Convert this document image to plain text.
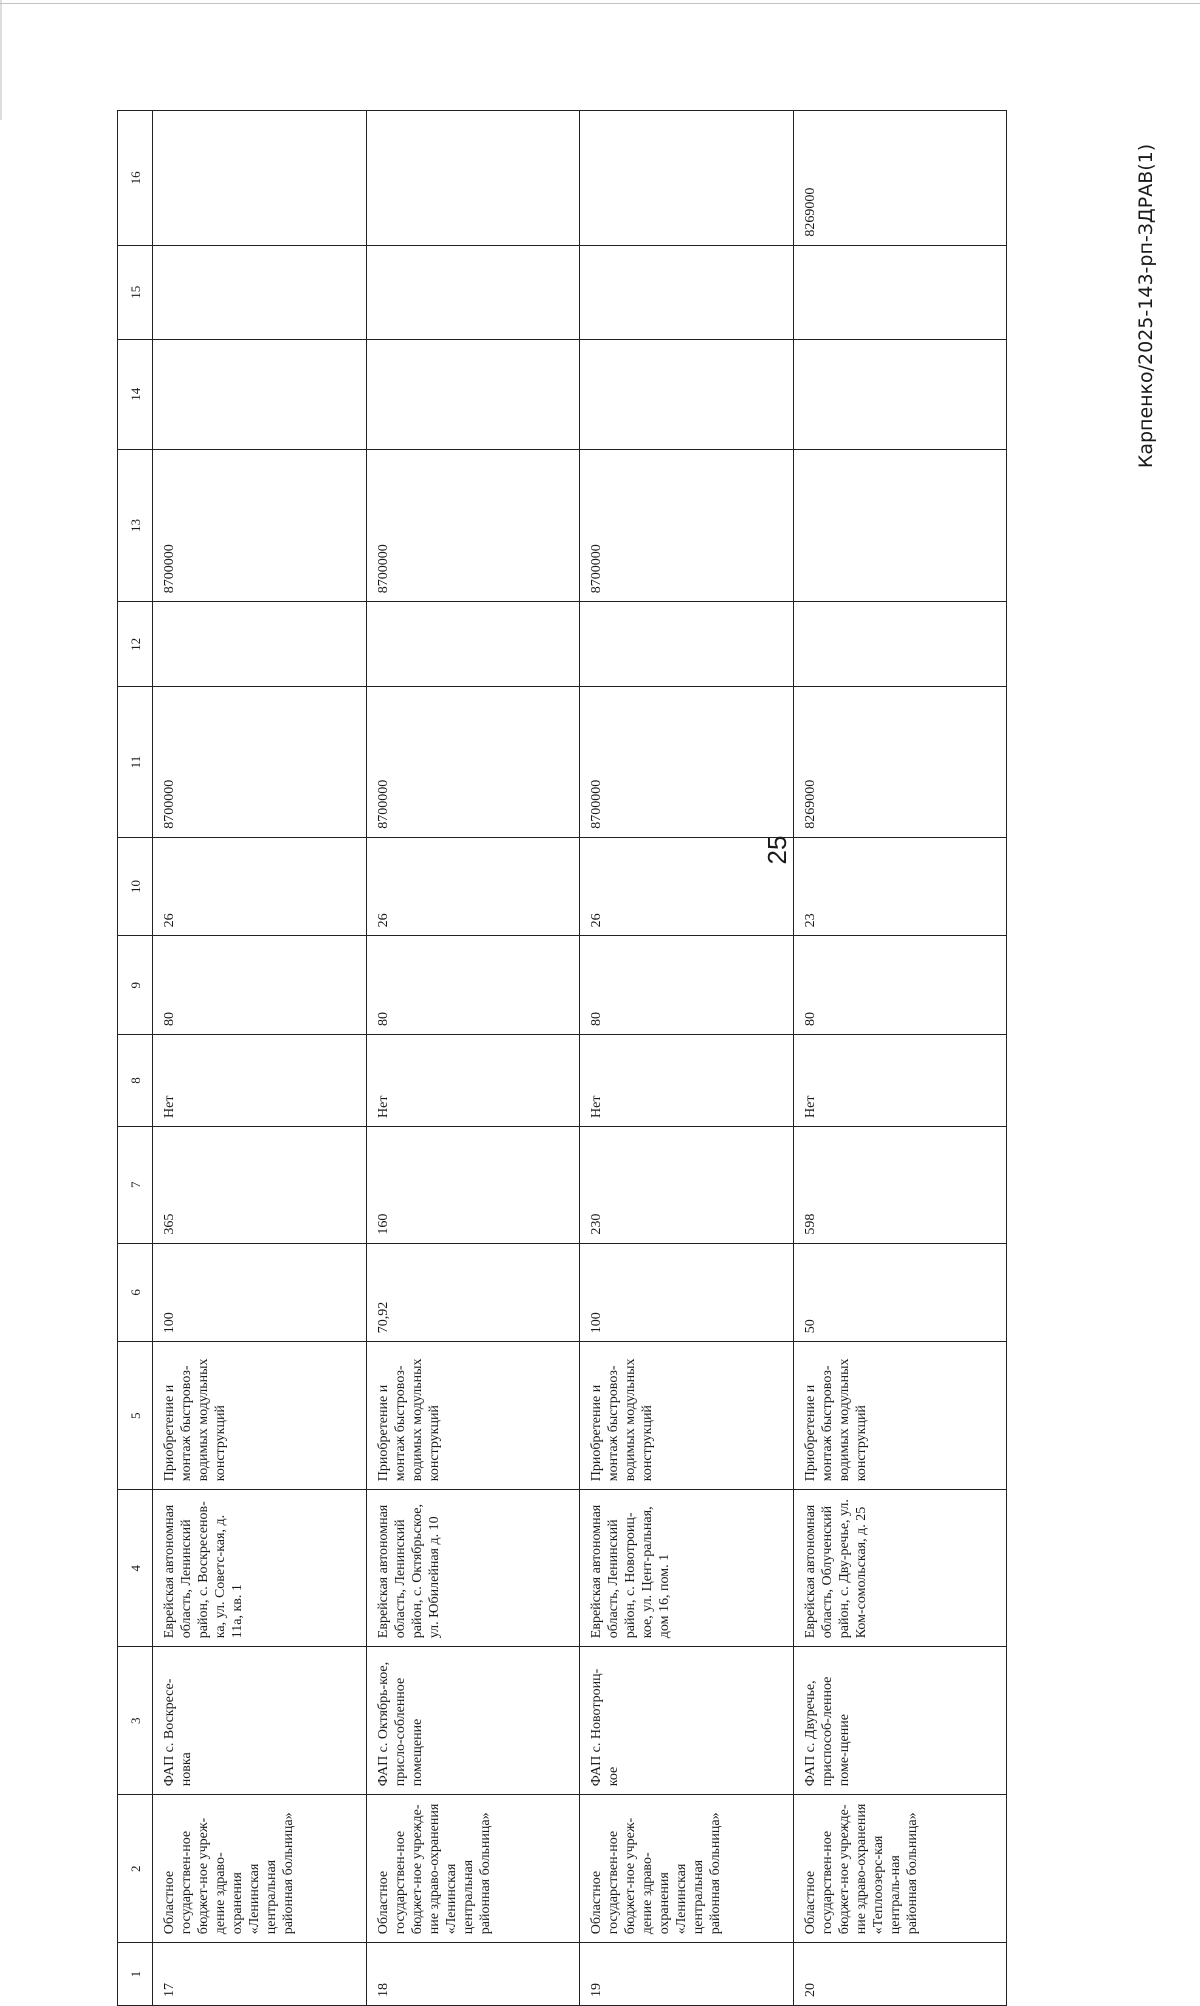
25
Карпенко/2025-143-рп-ЗДРАВ(1)
1	2	3	4	5	6	7	8	9	10	11	12	13	14	15	16
17	Областное государствен-ное бюджет-ное учреж-дение здраво-охранения «Ленинская центральная районная больница»	ФАП с. Воскресе-новка	Еврейская автономная область, Ленинский район, с. Воскресенов-ка, ул. Советс-кая, д. 11а, кв. 1	Приобретение и монтаж быстровоз-водимых модульных конструкций	100	365	Нет	80	26	8700000		8700000			
18	Областное государствен-ное бюджет-ное учрежде-ние здраво-охранения «Ленинская центральная районная больница»	ФАП с. Октябрь-кое, присло-собленное помещение	Еврейская автономная область, Ленинский район, с. Октябрьское, ул. Юбилейная д. 10	Приобретение и монтаж быстровоз-водимых модульных конструкций	70,92	160	Нет	80	26	8700000		8700000			
19	Областное государствен-ное бюджет-ное учреж-дение здраво-охранения «Ленинская центральная районная больница»	ФАП с. Новотроиц-кое	Еврейская автономная область, Ленинский район, с. Новотроиц-кое, ул. Цент-ральная, дом 16, пом. 1	Приобретение и монтаж быстровоз-водимых модульных конструкций	100	230	Нет	80	26	8700000		8700000			
20	Областное государствен-ное бюджет-ное учрежде-ние здраво-охранения «Теплоозерс-кая централь-ная районная больница»	ФАП с. Двуречье, приспособ-ленное поме-щение	Еврейская автономная область, Облученский район, с. Дву-речье, ул. Ком-сомольская, д. 25	Приобретение и монтаж быстровоз-водимых модульных конструкций	50	598	Нет	80	23	8269000					8269000
